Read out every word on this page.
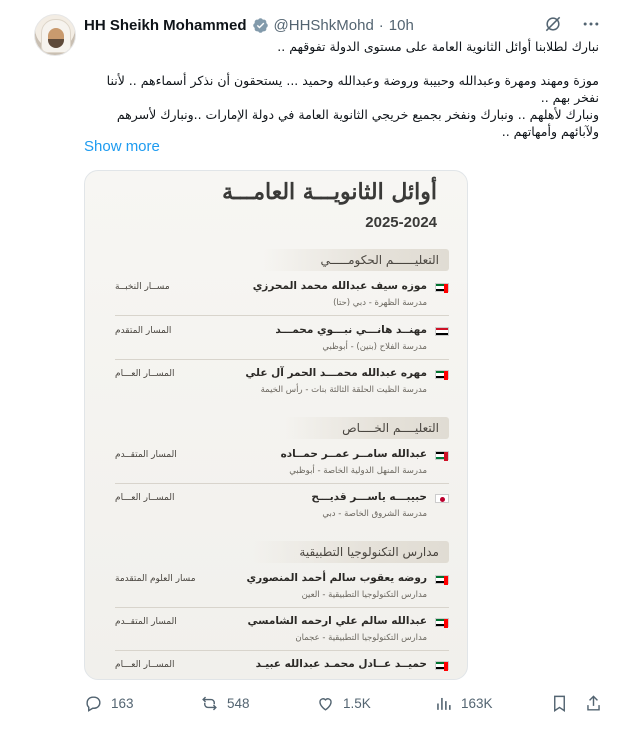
HH Sheikh Mohammed @HHShkMohd · 10h

نبارك لطلابنا أوائل الثانوية العامة على مستوى الدولة تفوقهم ..

موزة ومهند ومهرة وعبدالله وحبيبة وروضة وعبدالله وحميد ... يستحقون أن نذكر أسماءهم .. لأننا نفخر بهم ..
ونبارك لأهلهم .. ونبارك ونفخر بجميع خريجي الثانوية العامة في دولة الإمارات ..ونبارك لأسرهم ولآبائهم وأمهاتهم ..
Show more
أوائل الثانويـــة العامـــة
2025-2024
التعليــــــم الحكومـــــي
موزه سيف عبدالله محمد المحرزي
مدرسة الظهرة - دبي (حتا)
مســار النخبــة
مهنــد هانـــي نبـــوي محمـــد
مدرسة الفلاح (بنين) - أبوظبي
المسار المتقدم
مهره عبدالله محمـــد الحمر آل علي
مدرسة الظيت الحلقة الثالثة بنات - رأس الخيمة
المســار العـــام
التعليــــم الخــــاص
عبدالله سامــر عمــر حمــاده
مدرسة المنهل الدولية الخاصة - أبوظبي
المسار المتقــدم
حبيبـــه ياســـر قديـــح
مدرسة الشروق الخاصة - دبي
المســار العـــام
مدارس التكنولوجيا التطبيقية
روضه يعقوب سالم أحمد المنصوري
مدارس التكنولوجيا التطبيقية - العين
مسار العلوم المتقدمة
عبدالله سالم علي ارحمه الشامسي
مدارس التكنولوجيا التطبيقية - عجمان
المسار المتقــدم
حميــد عــادل محمـد عبدالله عبيـد
المســار العـــام
163	548	1.5K	163K
